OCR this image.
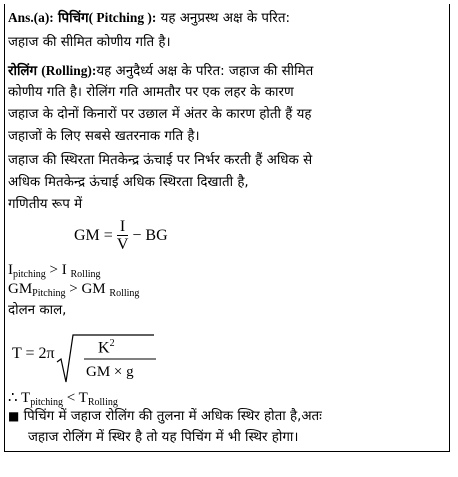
Ans.(a): पिचिंग( Pitching ): यह अनुप्रस्थ अक्ष के परित:
जहाज की सीमित कोणीय गति है।
रोलिंग (Rolling):यह अनुदैर्ध्य अक्ष के परित: जहाज की सीमित
कोणीय गति है। रोलिंग गति आमतौर पर एक लहर के कारण
जहाज के दोनों किनारों पर उछाल में अंतर के कारण होती हैं यह
जहाजों के लिए सबसे खतरनाक गति है।
जहाज की स्थिरता मितकेन्द्र ऊंचाई पर निर्भर करती हैं अधिक से
अधिक मितकेन्द्र ऊंचाई अधिक स्थिरता दिखाती है,
गणितीय रूप में
GM = $\frac{I}{V}$ − BG
$I_{pitching} > I$ $_{Rolling}$
$GM_{Pitching}$ > GM $_{Rolling}$
दोलन काल,
T = 2π	$K^2$
GM × g
∴ $T_{pitching} < T_{Rolling}$
■ पिचिंग में जहाज रोलिंग की तुलना में अधिक स्थिर होता है,अतः
जहाज रोलिंग में स्थिर है तो यह पिचिंग में भी स्थिर होगा।
